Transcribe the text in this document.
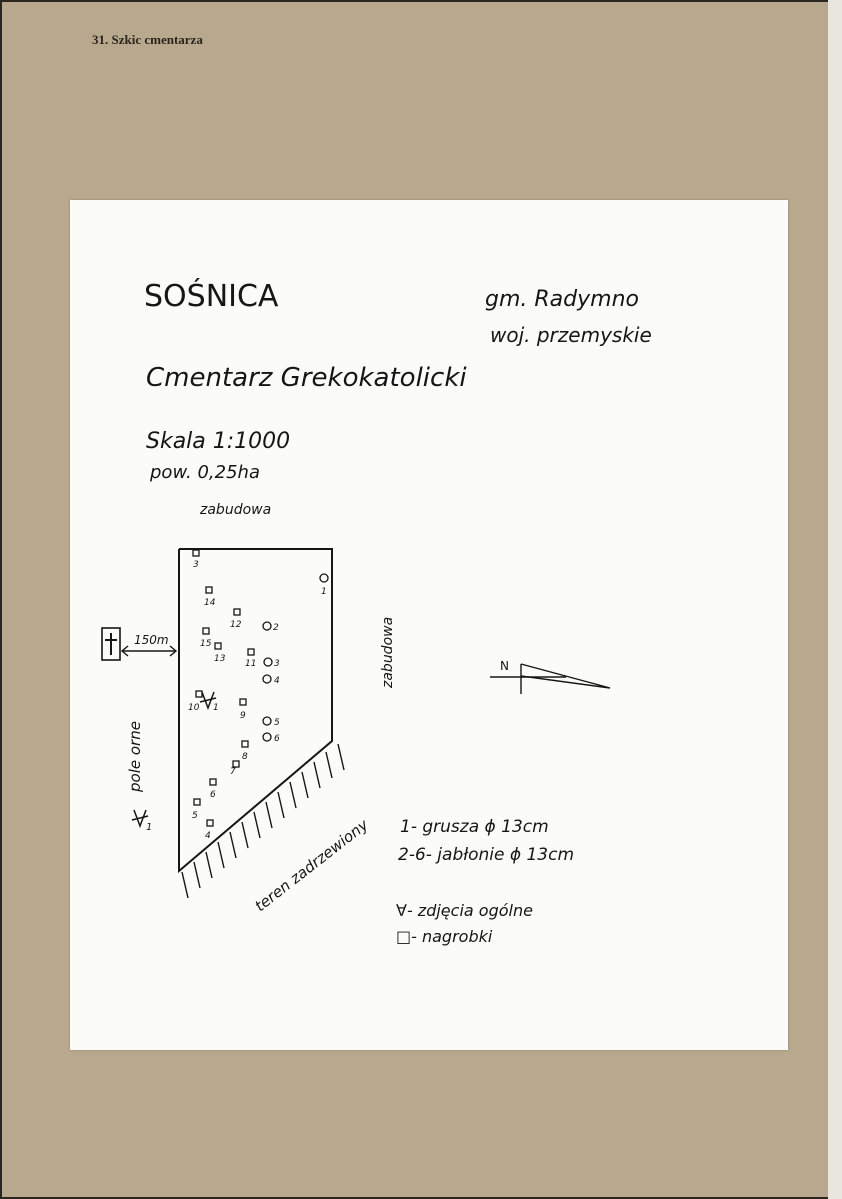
31. Szkic cmentarza
SOŚNICA	gm. Radymno
woj. przemyskie
Cmentarz Grekokatolicki
Skala 1:1000
pow. 0,25ha
zabudowa
zabudowa
pole orne
teren zadrzewiony
150m
1
1
3
14
12
15
13 11
10
9
8
7
6
5
4
1
2
3
4
5
6
N
1- grusza ϕ 13cm
2-6- jabłonie ϕ 13cm
∀- zdjęcia ogólne
□- nagrobki
